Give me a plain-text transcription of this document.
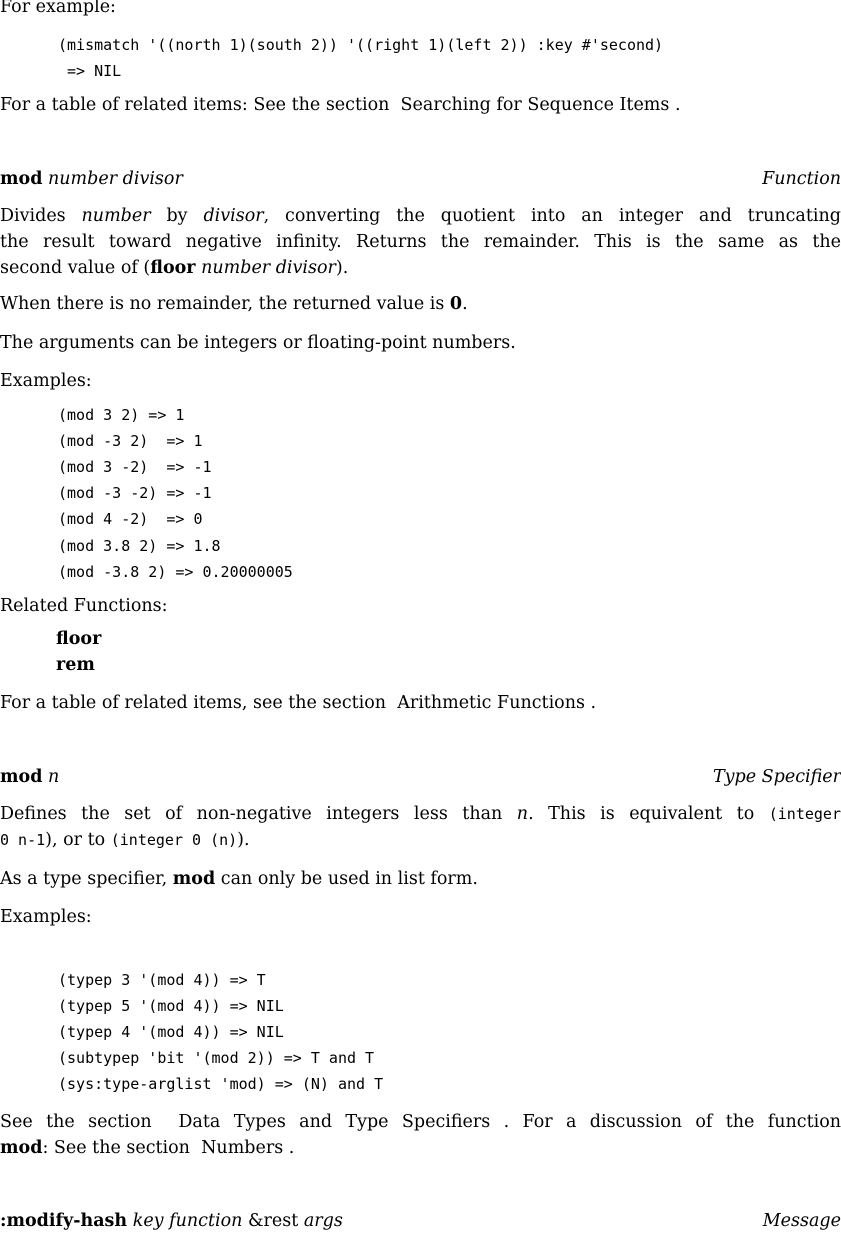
For example:
(mismatch '((north 1)(south 2)) '((right 1)(left 2)) :key #'second)
=> NIL
For a table of related items: See the section Searching for Sequence Items .
mod number divisor	Function
Divides number by divisor, converting the quotient into an integer and truncating
the result toward negative infinity. Returns the remainder. This is the same as the
second value of (floor number divisor).
When there is no remainder, the returned value is 0.
The arguments can be integers or floating-point numbers.
Examples:
(mod 3 2) => 1
(mod -3 2)  => 1
(mod 3 -2)  => -1
(mod -3 -2) => -1
(mod 4 -2)  => 0
(mod 3.8 2) => 1.8
(mod -3.8 2) => 0.20000005
Related Functions:
floor
rem
For a table of related items, see the section Arithmetic Functions .
mod n	Type Specifier
Defines the set of non-negative integers less than n. This is equivalent to (integer
0 n-1), or to (integer 0 (n)).
As a type specifier, mod can only be used in list form.
Examples:
(typep 3 '(mod 4)) => T
(typep 5 '(mod 4)) => NIL
(typep 4 '(mod 4)) => NIL
(subtypep 'bit '(mod 2)) => T and T
(sys:type-arglist 'mod) => (N) and T
See the section Data Types and Type Specifiers . For a discussion of the function
mod: See the section Numbers .
:modify-hash key function &rest args	Message
